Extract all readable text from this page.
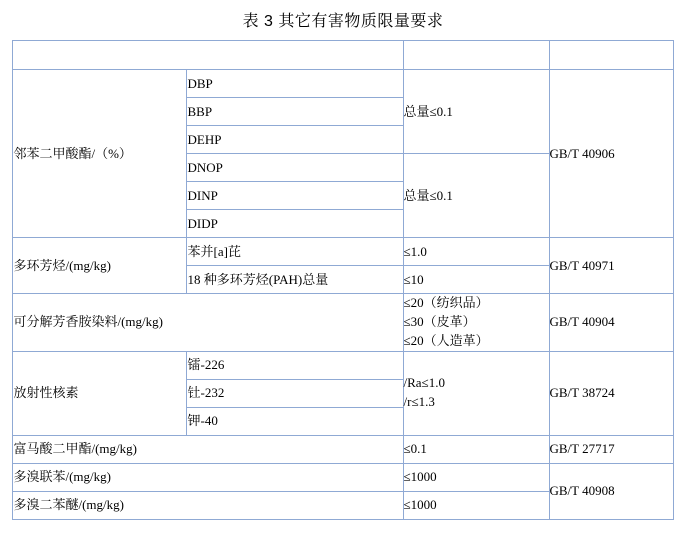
表 3 其它有害物质限量要求
项目		限量值	试验方法
邻苯二甲酸酯/（%）	DBP	总量≤0.1	GB/T 40906
	BBP		
	DEHP		
	DNOP	总量≤0.1	
	DINP		
	DIDP		
多环芳烃/(mg/kg)	苯并[a]芘	≤1.0	GB/T 40971
	18 种多环芳烃(PAH)总量	≤10	
可分解芳香胺染料/(mg/kg)		≤20（纺织品）
≤30（皮革）
≤20（人造革）	GB/T 40904
放射性核素	镭-226	/Ra≤1.0
/r≤1.3	GB/T 38724
	钍-232		
	钾-40		
富马酸二甲酯/(mg/kg)		≤0.1	GB/T 27717
多溴联苯/(mg/kg)		≤1000	GB/T 40908
多溴二苯醚/(mg/kg)		≤1000	
